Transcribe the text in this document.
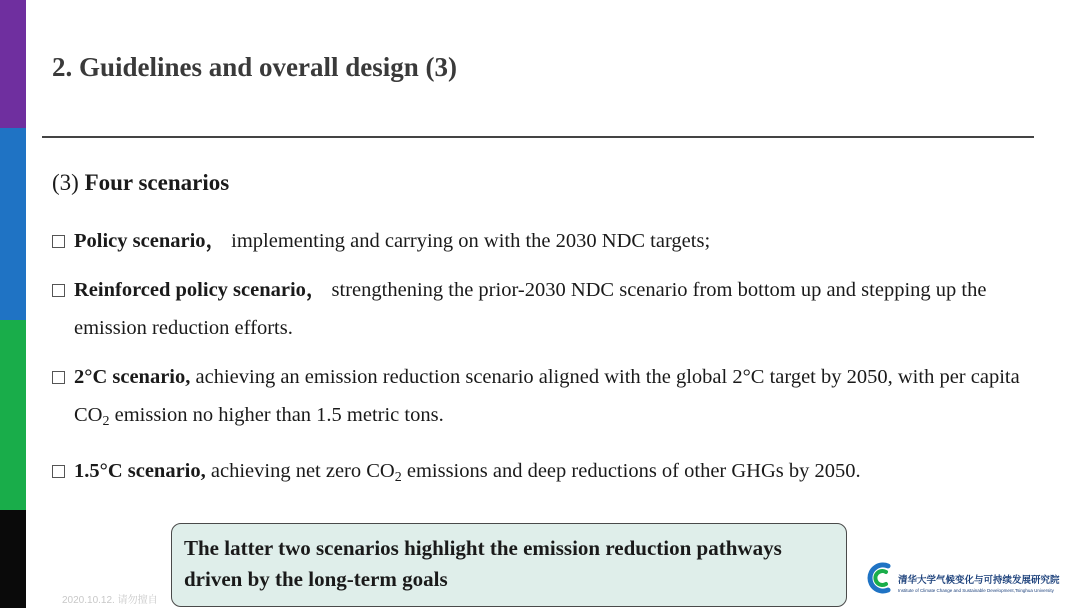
2. Guidelines and overall design (3)
(3) Four scenarios
Policy scenario， implementing and carrying on with the 2030 NDC targets;
Reinforced policy scenario， strengthening the prior-2030 NDC scenario from bottom up and stepping up the emission reduction efforts.
2°C scenario, achieving an emission reduction scenario aligned with the global 2°C target by 2050, with per capita $CO_2$ emission no higher than 1.5 metric tons.
1.5°C scenario, achieving net zero $CO_2$ emissions and deep reductions of other GHGs by 2050.
The latter two scenarios highlight the emission reduction pathways driven by the long-term goals
2020.10.12. 请勿擅自
清华大学气候变化与可持续发展研究院
Institute of Climate Change and Sustainable Development,Tsinghua University
